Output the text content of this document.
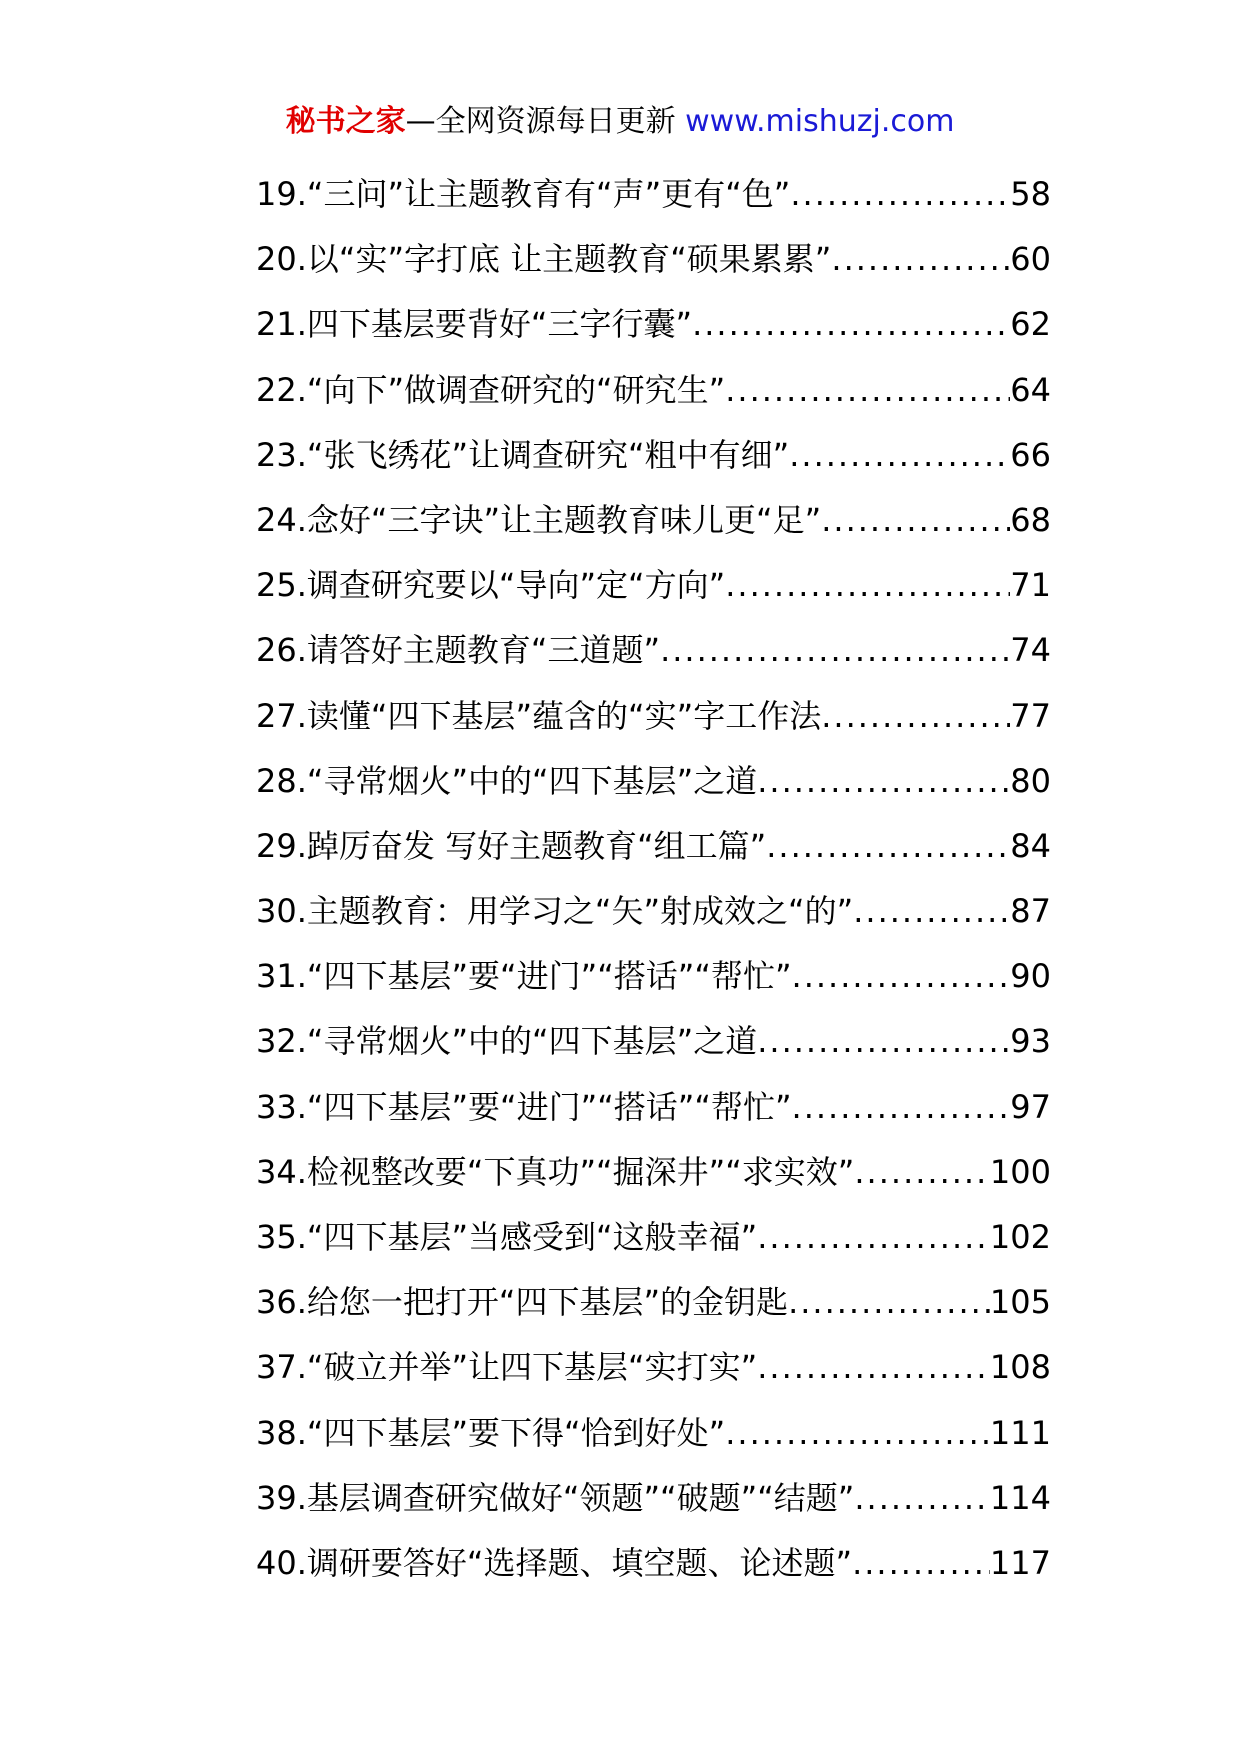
秘书之家—全网资源每日更新 www.mishuzj.com
19.“三问”让主题教育有“声”更有“色” .....	58
20.以“实”字打底 让主题教育“硕果累累” .....	60
21.四下基层要背好“三字行囊” .....	62
22.“向下”做调查研究的“研究生” .....	64
23.“张飞绣花”让调查研究“粗中有细” .....	66
24.念好“三字诀”让主题教育味儿更“足” .....	68
25.调查研究要以“导向”定“方向” .....	71
26.请答好主题教育“三道题” .....	74
27.读懂“四下基层”蕴含的“实”字工作法 .....	77
28.“寻常烟火”中的“四下基层”之道 .....	80
29.踔厉奋发 写好主题教育“组工篇” .....	84
30.主题教育：用学习之“矢”射成效之“的” .....	87
31.“四下基层”要“进门”“搭话”“帮忙” .....	90
32.“寻常烟火”中的“四下基层”之道 .....	93
33.“四下基层”要“进门”“搭话”“帮忙” .....	97
34.检视整改要“下真功”“掘深井”“求实效” .....	100
35.“四下基层”当感受到“这般幸福” .....	102
36.给您一把打开“四下基层”的金钥匙 .....	105
37.“破立并举”让四下基层“实打实” .....	108
38.“四下基层”要下得“恰到好处” .....	111
39.基层调查研究做好“领题”“破题”“结题” .....	114
40.调研要答好“选择题、填空题、论述题” .....	117
